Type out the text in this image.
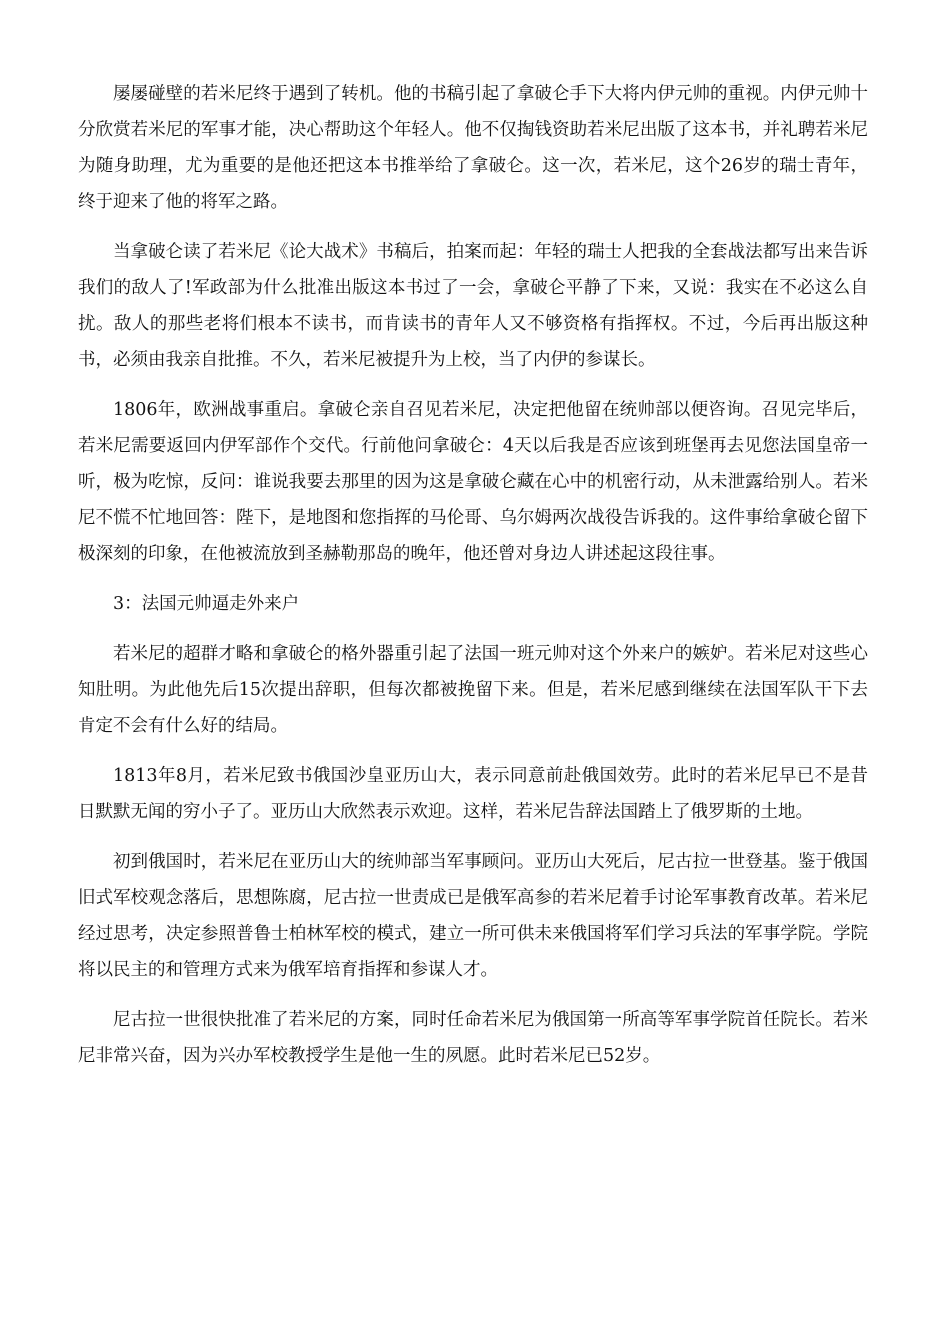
屡屡碰壁的若米尼终于遇到了转机。他的书稿引起了拿破仑手下大将内伊元帅的重视。内伊元帅十分欣赏若米尼的军事才能，决心帮助这个年轻人。他不仅掏钱资助若米尼出版了这本书，并礼聘若米尼为随身助理，尤为重要的是他还把这本书推举给了拿破仑。这一次，若米尼，这个26岁的瑞士青年，终于迎来了他的将军之路。

当拿破仑读了若米尼《论大战术》书稿后，拍案而起：年轻的瑞士人把我的全套战法都写出来告诉我们的敌人了!军政部为什么批准出版这本书过了一会，拿破仑平静了下来，又说：我实在不必这么自扰。敌人的那些老将们根本不读书，而肯读书的青年人又不够资格有指挥权。不过，今后再出版这种书，必须由我亲自批推。不久，若米尼被提升为上校，当了内伊的参谋长。

1806年，欧洲战事重启。拿破仑亲自召见若米尼，决定把他留在统帅部以便咨询。召见完毕后，若米尼需要返回内伊军部作个交代。行前他问拿破仑：4天以后我是否应该到班堡再去见您法国皇帝一听，极为吃惊，反问：谁说我要去那里的因为这是拿破仑藏在心中的机密行动，从未泄露给别人。若米尼不慌不忙地回答：陛下，是地图和您指挥的马伦哥、乌尔姆两次战役告诉我的。这件事给拿破仑留下极深刻的印象，在他被流放到圣赫勒那岛的晚年，他还曾对身边人讲述起这段往事。

3：法国元帅逼走外来户

若米尼的超群才略和拿破仑的格外器重引起了法国一班元帅对这个外来户的嫉妒。若米尼对这些心知肚明。为此他先后15次提出辞职，但每次都被挽留下来。但是，若米尼感到继续在法国军队干下去肯定不会有什么好的结局。

1813年8月，若米尼致书俄国沙皇亚历山大，表示同意前赴俄国效劳。此时的若米尼早已不是昔日默默无闻的穷小子了。亚历山大欣然表示欢迎。这样，若米尼告辞法国踏上了俄罗斯的土地。

初到俄国时，若米尼在亚历山大的统帅部当军事顾问。亚历山大死后，尼古拉一世登基。鉴于俄国旧式军校观念落后，思想陈腐，尼古拉一世责成已是俄军高参的若米尼着手讨论军事教育改革。若米尼经过思考，决定参照普鲁士柏林军校的模式，建立一所可供未来俄国将军们学习兵法的军事学院。学院将以民主的和管理方式来为俄军培育指挥和参谋人才。

尼古拉一世很快批准了若米尼的方案，同时任命若米尼为俄国第一所高等军事学院首任院长。若米尼非常兴奋，因为兴办军校教授学生是他一生的夙愿。此时若米尼已52岁。
